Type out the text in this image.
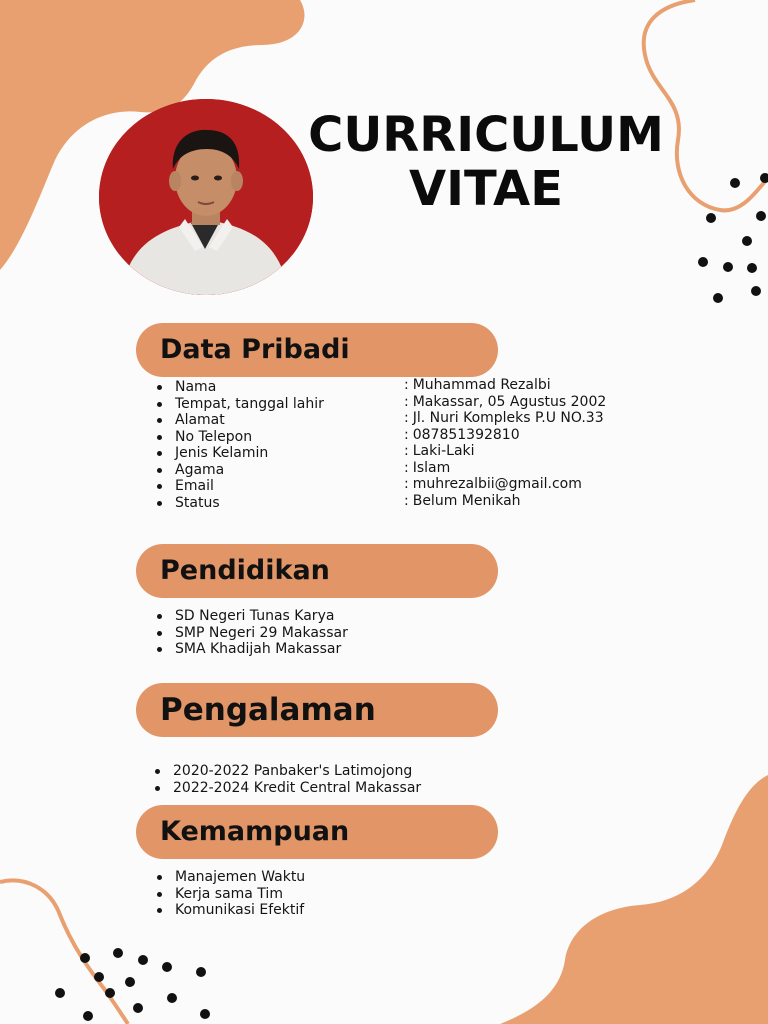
CURRICULUM
VITAE
Data Pribadi
Nama
Tempat, tanggal lahir
Alamat
No Telepon
Jenis Kelamin
Agama
Email
Status
: Muhammad Rezalbi
: Makassar, 05 Agustus 2002
: Jl. Nuri Kompleks P.U NO.33
: 087851392810
: Laki-Laki
: Islam
: muhrezalbii@gmail.com
: Belum Menikah
Pendidikan
SD Negeri Tunas Karya
SMP Negeri 29 Makassar
SMA Khadijah Makassar
Pengalaman
2020-2022 Panbaker's Latimojong
2022-2024 Kredit Central Makassar
Kemampuan
Manajemen Waktu
Kerja sama Tim
Komunikasi Efektif
